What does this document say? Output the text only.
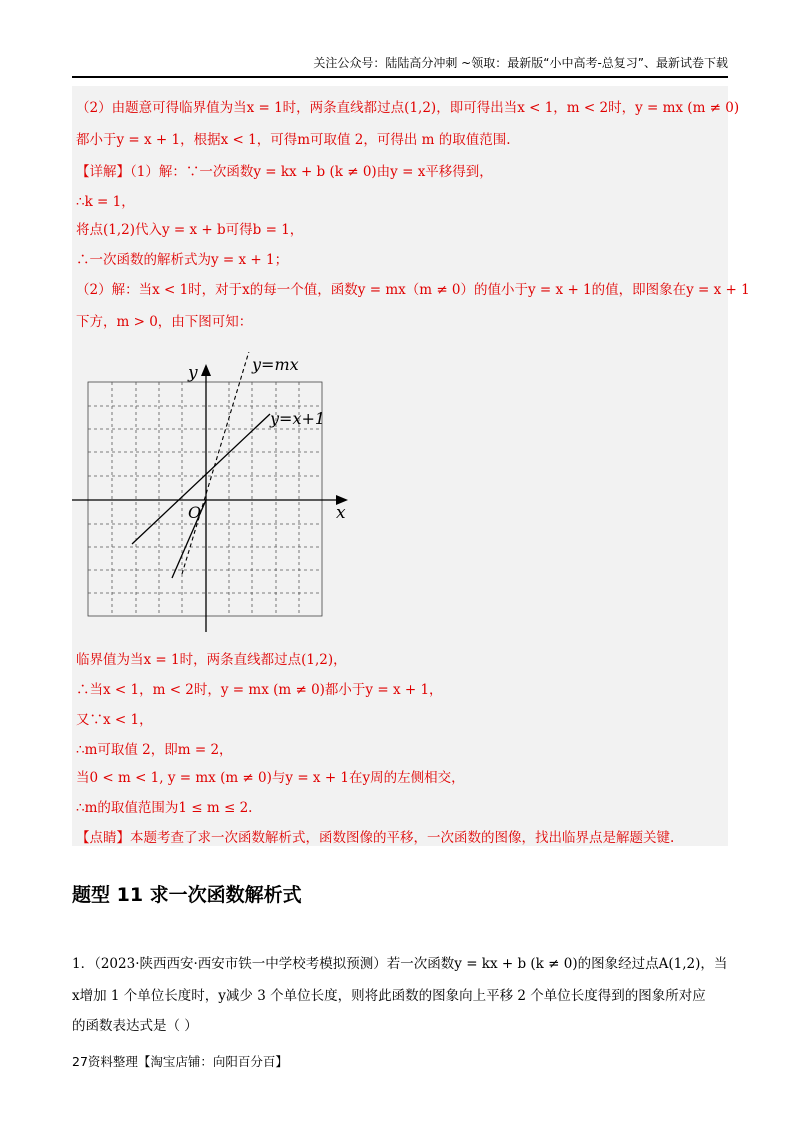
关注公众号：陆陆高分冲刺 ~领取：最新版“小中高考-总复习”、最新试卷下载
（2）由题意可得临界值为当x = 1时，两条直线都过点(1,2)，即可得出当x < 1，m < 2时，y = mx (m ≠ 0)
都小于y = x + 1，根据x < 1，可得m可取值 2，可得出 m 的取值范围.
【详解】（1）解：∵一次函数y = kx + b (k ≠ 0)由y = x平移得到，
∴k = 1，
将点(1,2)代入y = x + b可得b = 1，
∴一次函数的解析式为y = x + 1；
（2）解：当x < 1时，对于x的每一个值，函数y = mx（m ≠ 0）的值小于y = x + 1的值，即图象在y = x + 1
下方，m > 0，由下图可知：
y
x
O
y=mx
y=x+1
临界值为当x = 1时，两条直线都过点(1,2)，
∴当x < 1，m < 2时，y = mx (m ≠ 0)都小于y = x + 1，
又∵x < 1，
∴m可取值 2，即m = 2，
当0 < m < 1, y = mx (m ≠ 0)与y = x + 1在y周的左侧相交，
∴m的取值范围为1 ≤ m ≤ 2.
【点睛】本题考查了求一次函数解析式，函数图像的平移，一次函数的图像，找出临界点是解题关键.
题型 11 求一次函数解析式
1．（2023·陕西西安·西安市铁一中学校考模拟预测）若一次函数y = kx + b (k ≠ 0)的图象经过点A(1,2)，当
x增加 1 个单位长度时，y减少 3 个单位长度，则将此函数的图象向上平移 2 个单位长度得到的图象所对应
的函数表达式是（ ）
27资料整理【淘宝店铺：向阳百分百】
